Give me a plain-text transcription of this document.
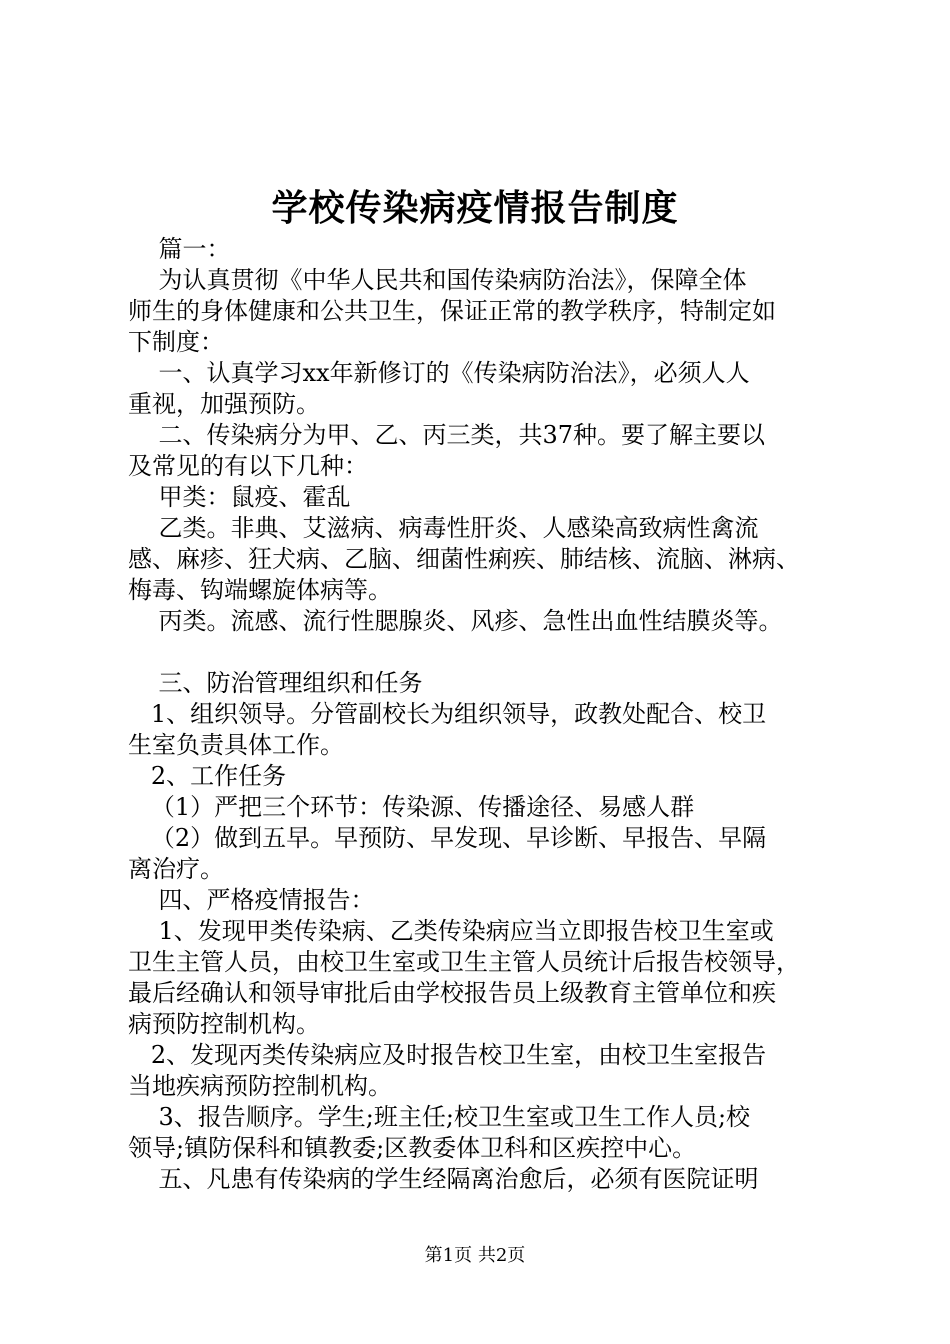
学校传染病疫情报告制度
篇一：
为认真贯彻《中华人民共和国传染病防治法》，保障全体
师生的身体健康和公共卫生，保证正常的教学秩序，特制定如
下制度：
一、认真学习xx年新修订的《传染病防治法》，必须人人
重视，加强预防。
二、传染病分为甲、乙、丙三类，共37种。要了解主要以
及常见的有以下几种：
甲类：鼠疫、霍乱
乙类。非典、艾滋病、病毒性肝炎、人感染高致病性禽流
感、麻疹、狂犬病、乙脑、细菌性痢疾、肺结核、流脑、淋病、
梅毒、钩端螺旋体病等。
丙类。流感、流行性腮腺炎、风疹、急性出血性结膜炎等。
三、防治管理组织和任务
1、组织领导。分管副校长为组织领导，政教处配合、校卫
生室负责具体工作。
2、工作任务
（1）严把三个环节：传染源、传播途径、易感人群
（2）做到五早。早预防、早发现、早诊断、早报告、早隔
离治疗。
四、严格疫情报告：
1、发现甲类传染病、乙类传染病应当立即报告校卫生室或
卫生主管人员，由校卫生室或卫生主管人员统计后报告校领导，
最后经确认和领导审批后由学校报告员上级教育主管单位和疾
病预防控制机构。
2、发现丙类传染病应及时报告校卫生室，由校卫生室报告
当地疾病预防控制机构。
3、报告顺序。学生;班主任;校卫生室或卫生工作人员;校
领导;镇防保科和镇教委;区教委体卫科和区疾控中心。
五、凡患有传染病的学生经隔离治愈后，必须有医院证明
第1页 共2页
